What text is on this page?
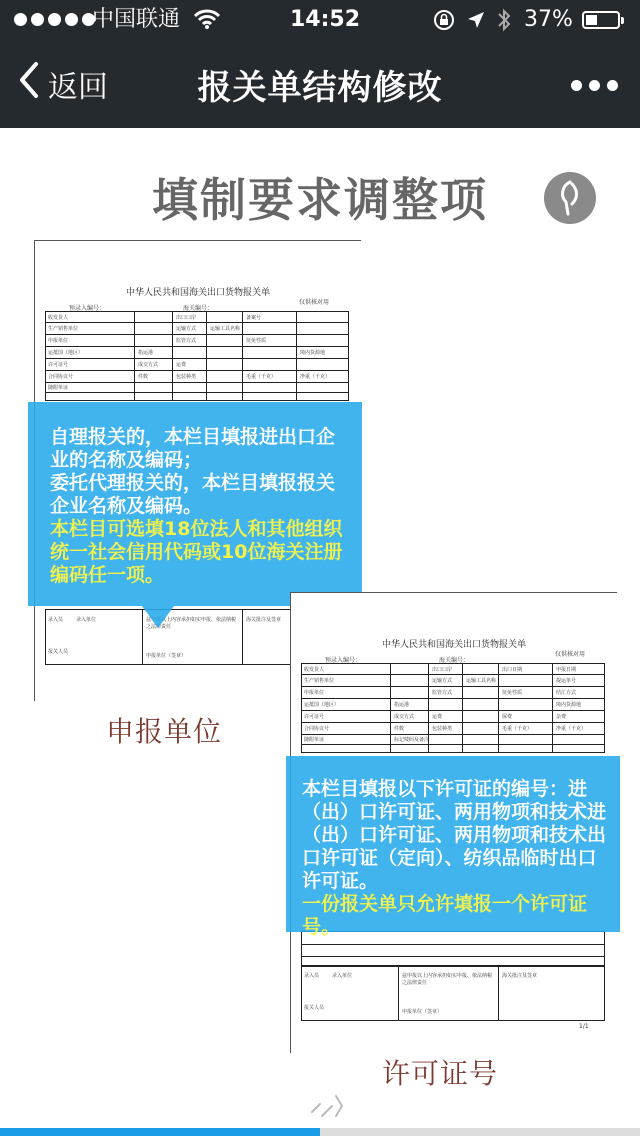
中国联通	14:52	37%
返回	报关单结构修改
填制要求调整项
中华人民共和国海关出口货物报关单
仅供核对用
预录入编号：	海关编号：
收发货人	出口口岸	备案号
生产销售单位	运输方式	运输工具名称
申报单位	监管方式	征免性质
运抵国（地区）	指运港	境内货源地
许可证号	成交方式	运费
合同协议号	件数	包装种类	毛重（千克）	净重（千克）
随附单证
录入员	录入单位	兹申报以上内容承担如实申报、依法纳税之法律责任
海关批注及签章
报关人员
申报单位（签章）
自理报关的，本栏目填报进出口企业的名称及编码；
委托代理报关的，本栏目填报报关企业名称及编码。
本栏目可选填18位法人和其他组织统一社会信用代码或10位海关注册编码任一项。
申报单位
中华人民共和国海关出口货物报关单
仅供核对用
预录入编号：	海关编号：
收发货人	出口口岸	出口日期	申报日期
生产销售单位	运输方式	运输工具名称	提运单号
申报单位	监管方式	征免性质	结汇方式
运抵国（地区）	指运港	境内货源地
许可证号	成交方式	运费	保费	杂费
合同协议号	件数	包装种类	毛重（千克）	净重（千克）
随附单证	标记唛码及备注
录入员	录入单位	兹申报以上内容承担如实申报、依法纳税之法律责任
海关批注及签章
报关人员
申报单位（签章）
1/1
本栏目填报以下许可证的编号：进（出）口许可证、两用物项和技术进（出）口许可证、两用物项和技术出口许可证（定向）、纺织品临时出口许可证。
一份报关单只允许填报一个许可证号。
许可证号
